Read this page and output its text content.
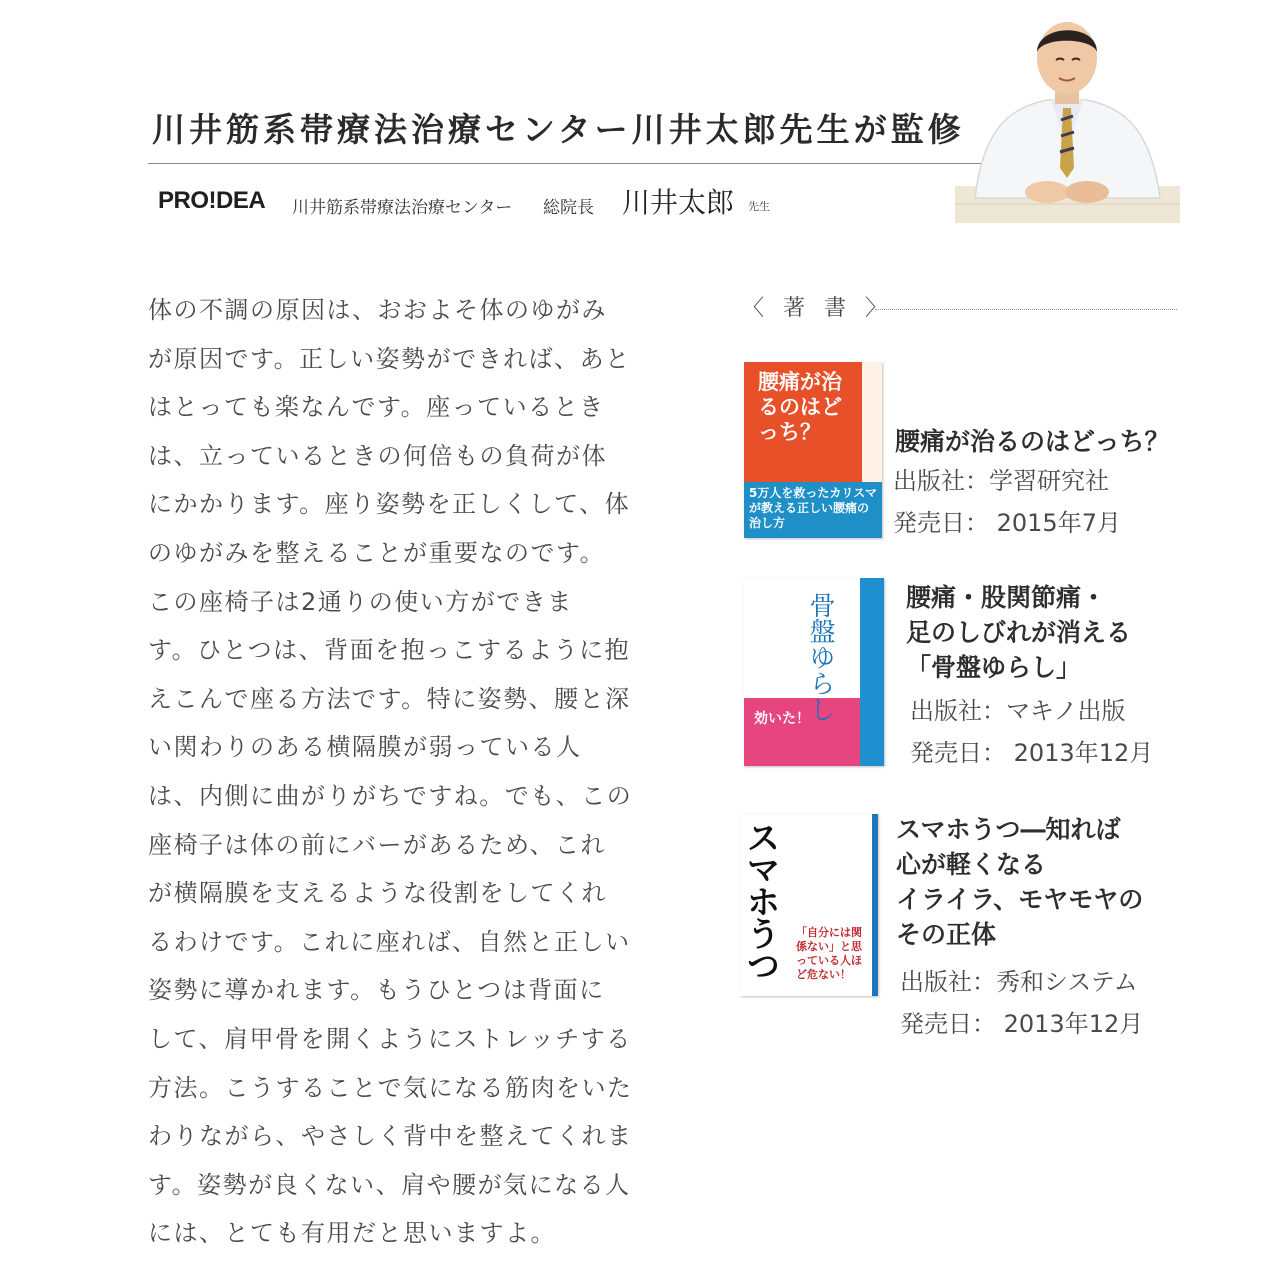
川井筋系帯療法治療センター川井太郎先生が監修
PRO!DEA 川井筋系帯療法治療センター 総院長 川井太郎 先生
体の不調の原因は、おおよそ体のゆがみ
が原因です。正しい姿勢ができれば、あと
はとっても楽なんです。座っているとき
は、立っているときの何倍もの負荷が体
にかかります。座り姿勢を正しくして、体
のゆがみを整えることが重要なのです。
この座椅子は2通りの使い方ができま
す。ひとつは、背面を抱っこするように抱
えこんで座る方法です。特に姿勢、腰と深
い関わりのある横隔膜が弱っている人
は、内側に曲がりがちですね。でも、この
座椅子は体の前にバーがあるため、これ
が横隔膜を支えるような役割をしてくれ
るわけです。これに座れば、自然と正しい
姿勢に導かれます。もうひとつは背面に
して、肩甲骨を開くようにストレッチする
方法。こうすることで気になる筋肉をいた
わりながら、やさしく背中を整えてくれま
す。姿勢が良くない、肩や腰が気になる人
には、とても有用だと思いますよ。
〈 著 書 〉
腰痛が治るのはどっち？
5万人を救ったカリスマが教える正しい腰痛の治し方
腰痛が治るのはどっち？
出版社：学習研究社
発売日： 2015年7月
骨盤ゆらし
効いた！
腰痛・股関節痛・
足のしびれが消える
「骨盤ゆらし」
出版社：マキノ出版
発売日： 2013年12月
スマホうつ 「自分には関係ない」と思っている人ほど危ない！
スマホうつ―知れば
心が軽くなる
イライラ、モヤモヤの
その正体
出版社：秀和システム
発売日： 2013年12月
